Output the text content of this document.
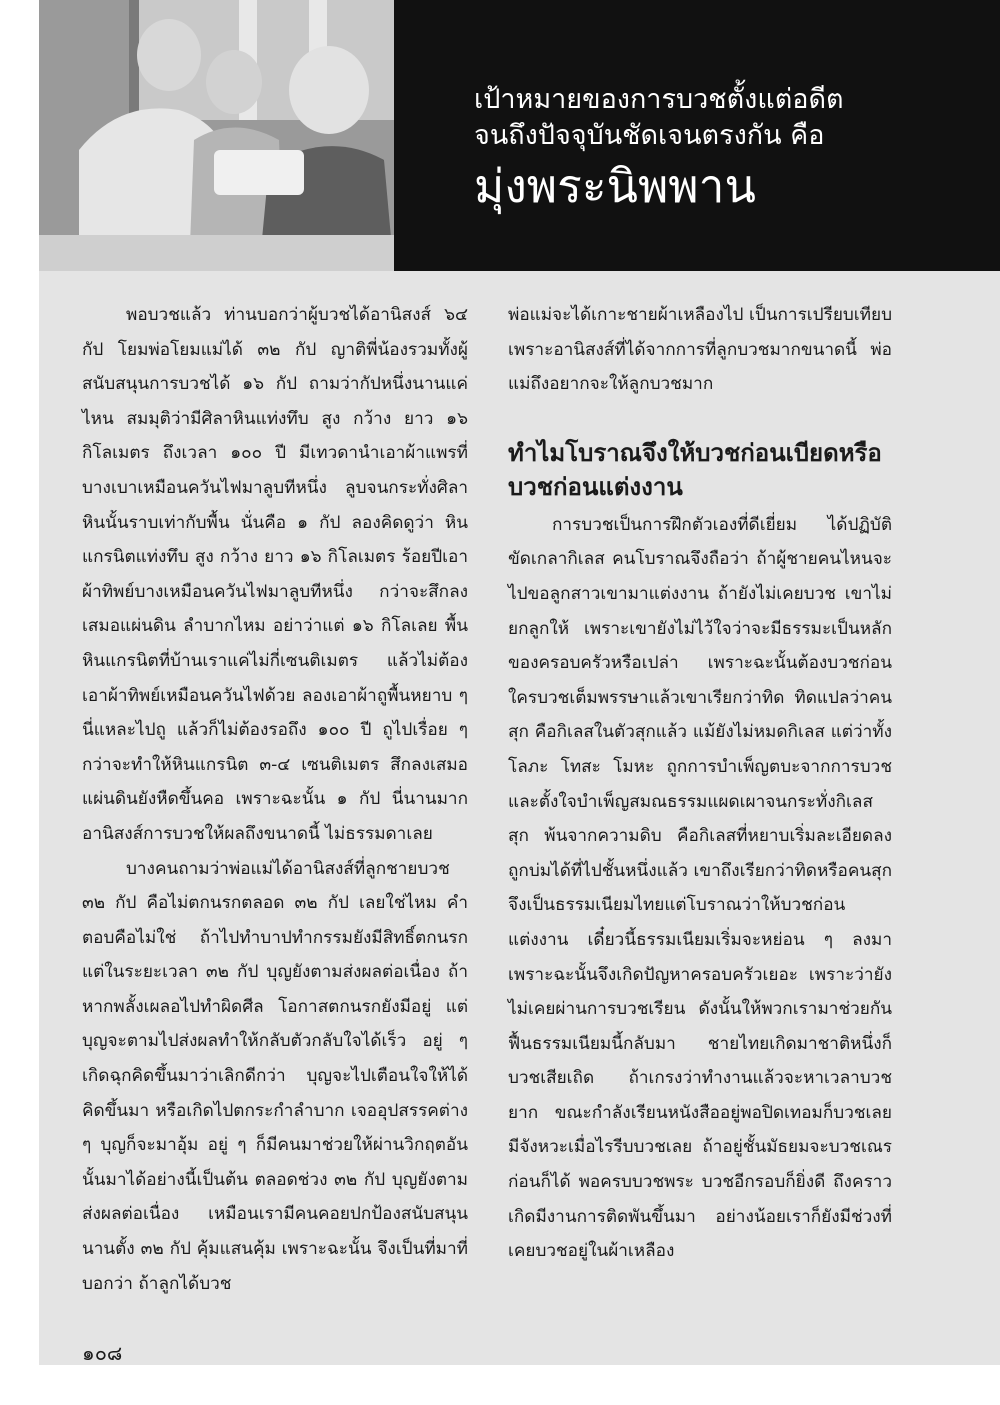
เป้าหมายของการบวชตั้งแต่อดีต
จนถึงปัจจุบันชัดเจนตรงกัน คือ
มุ่งพระนิพพาน

พอบวชแล้ว ท่านบอกว่าผู้บวชได้อานิสงส์ ๖๔ กัป โยมพ่อโยมแม่ได้ ๓๒ กัป ญาติพี่น้องรวมทั้งผู้สนับสนุนการบวชได้ ๑๖ กัป ถามว่ากัปหนึ่งนานแค่ไหน สมมุติว่ามีศิลาหินแท่งทึบ สูง กว้าง ยาว ๑๖ กิโลเมตร ถึงเวลา ๑๐๐ ปี มีเทวดานำเอาผ้าแพรที่บางเบาเหมือนควันไฟมาลูบทีหนึ่ง ลูบจนกระทั่งศิลาหินนั้นราบเท่ากับพื้น นั่นคือ ๑ กัป ลองคิดดูว่า หินแกรนิตแท่งทึบ สูง กว้าง ยาว ๑๖ กิโลเมตร ร้อยปีเอาผ้าทิพย์บางเหมือนควันไฟมาลูบทีหนึ่ง กว่าจะสึกลงเสมอแผ่นดิน ลำบากไหม อย่าว่าแต่ ๑๖ กิโลเลย พื้นหินแกรนิตที่บ้านเราแค่ไม่กี่เซนติเมตร แล้วไม่ต้องเอาผ้าทิพย์เหมือนควันไฟด้วย ลองเอาผ้าถูพื้นหยาบ ๆ นี่แหละไปถู แล้วก็ไม่ต้องรอถึง ๑๐๐ ปี ถูไปเรื่อย ๆ กว่าจะทำให้หินแกรนิต ๓-๔ เซนติเมตร สึกลงเสมอแผ่นดินยังหืดขึ้นคอ เพราะฉะนั้น ๑ กัป นี่นานมาก อานิสงส์การบวชให้ผลถึงขนาดนี้ ไม่ธรรมดาเลย

บางคนถามว่าพ่อแม่ได้อานิสงส์ที่ลูกชายบวช ๓๒ กัป คือไม่ตกนรกตลอด ๓๒ กัป เลยใช่ไหม คำตอบคือไม่ใช่ ถ้าไปทำบาปทำกรรมยังมีสิทธิ์ตกนรก แต่ในระยะเวลา ๓๒ กัป บุญยังตามส่งผลต่อเนื่อง ถ้าหากพลั้งเผลอไปทำผิดศีล โอกาสตกนรกยังมีอยู่ แต่บุญจะตามไปส่งผลทำให้กลับตัวกลับใจได้เร็ว อยู่ ๆ เกิดฉุกคิดขึ้นมาว่าเลิกดีกว่า บุญจะไปเตือนใจให้ได้คิดขึ้นมา หรือเกิดไปตกระกำลำบาก เจออุปสรรคต่าง ๆ บุญก็จะมาอุ้ม อยู่ ๆ ก็มีคนมาช่วยให้ผ่านวิกฤตอันนั้นมาได้อย่างนี้เป็นต้น ตลอดช่วง ๓๒ กัป บุญยังตามส่งผลต่อเนื่อง เหมือนเรามีคนคอยปกป้องสนับสนุนนานตั้ง ๓๒ กัป คุ้มแสนคุ้ม เพราะฉะนั้น จึงเป็นที่มาที่บอกว่า ถ้าลูกได้บวช

พ่อแม่จะได้เกาะชายผ้าเหลืองไป เป็นการเปรียบเทียบ เพราะอานิสงส์ที่ได้จากการที่ลูกบวชมากขนาดนี้ พ่อแม่ถึงอยากจะให้ลูกบวชมาก

ทำไมโบราณจึงให้บวชก่อนเบียดหรือบวชก่อนแต่งงาน

การบวชเป็นการฝึกตัวเองที่ดีเยี่ยม ได้ปฏิบัติขัดเกลากิเลส คนโบราณจึงถือว่า ถ้าผู้ชายคนไหนจะไปขอลูกสาวเขามาแต่งงาน ถ้ายังไม่เคยบวช เขาไม่ยกลูกให้ เพราะเขายังไม่ไว้ใจว่าจะมีธรรมะเป็นหลักของครอบครัวหรือเปล่า เพราะฉะนั้นต้องบวชก่อน ใครบวชเต็มพรรษาแล้วเขาเรียกว่าทิด ทิดแปลว่าคนสุก คือกิเลสในตัวสุกแล้ว แม้ยังไม่หมดกิเลส แต่ว่าทั้งโลภะ โทสะ โมหะ ถูกการบำเพ็ญตบะจากการบวชและตั้งใจบำเพ็ญสมณธรรมแผดเผาจนกระทั่งกิเลสสุก พ้นจากความดิบ คือกิเลสที่หยาบเริ่มละเอียดลง ถูกบ่มได้ที่ไปชั้นหนึ่งแล้ว เขาถึงเรียกว่าทิดหรือคนสุก จึงเป็นธรรมเนียมไทยแต่โบราณว่าให้บวชก่อนแต่งงาน เดี๋ยวนี้ธรรมเนียมเริ่มจะหย่อน ๆ ลงมา เพราะฉะนั้นจึงเกิดปัญหาครอบครัวเยอะ เพราะว่ายังไม่เคยผ่านการบวชเรียน ดังนั้นให้พวกเรามาช่วยกันฟื้นธรรมเนียมนี้กลับมา ชายไทยเกิดมาชาติหนึ่งก็บวชเสียเถิด ถ้าเกรงว่าทำงานแล้วจะหาเวลาบวชยาก ขณะกำลังเรียนหนังสืออยู่พอปิดเทอมก็บวชเลย มีจังหวะเมื่อไรรีบบวชเลย ถ้าอยู่ชั้นมัธยมจะบวชเณรก่อนก็ได้ พอครบบวชพระ บวชอีกรอบก็ยิ่งดี ถึงคราวเกิดมีงานการติดพันขึ้นมา อย่างน้อยเราก็ยังมีช่วงที่เคยบวชอยู่ในผ้าเหลือง

๑๐๘
